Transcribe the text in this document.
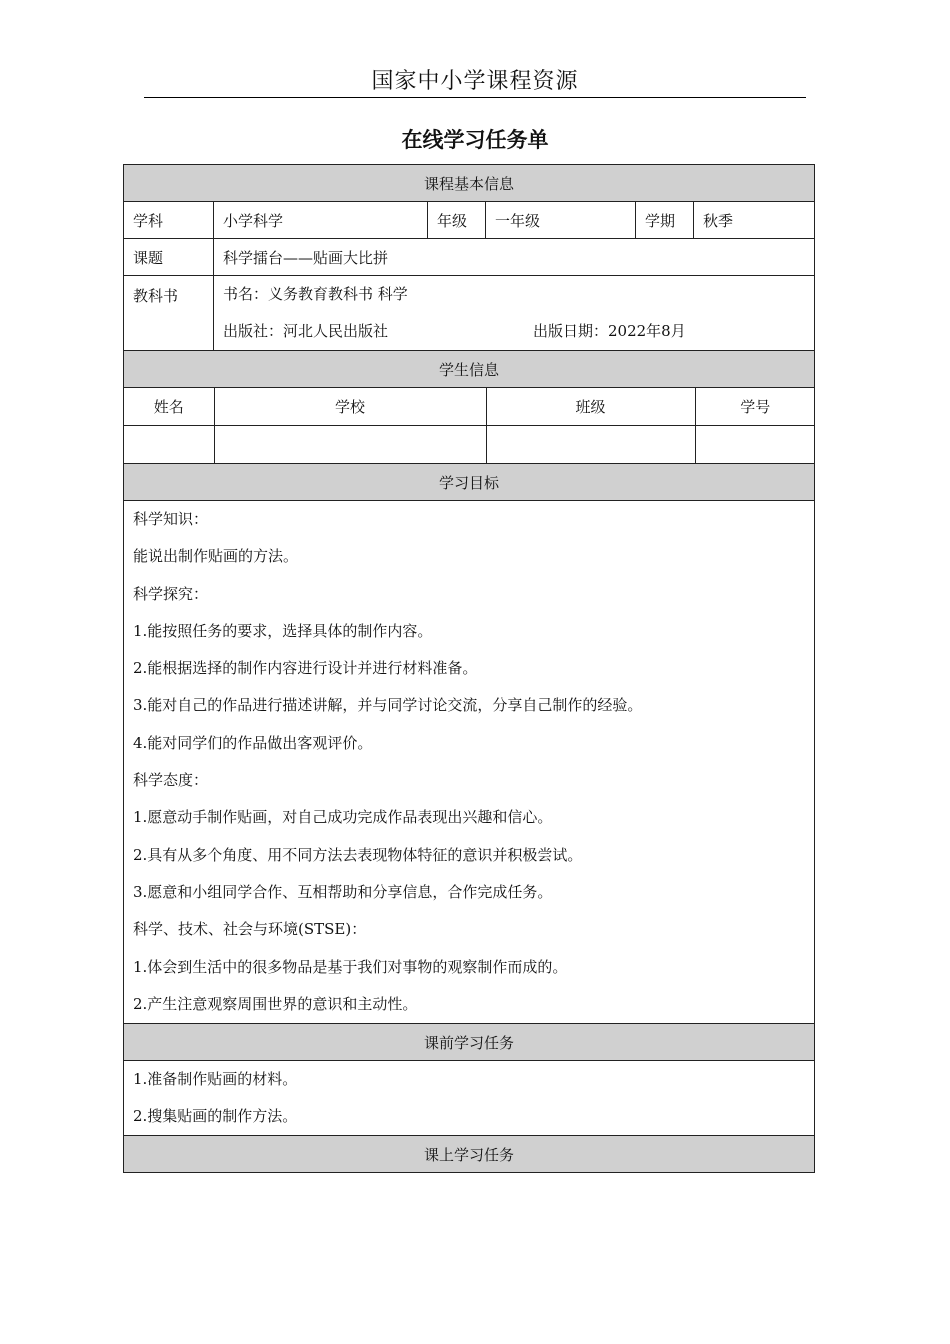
国家中小学课程资源
在线学习任务单
课程基本信息
学科	小学科学	年级	一年级	学期	秋季
课题	科学擂台——贴画大比拼
教科书	书名：义务教育教科书 科学
出版社：河北人民出版社	出版日期：2022年8月

学生信息

姓名	学校	班级	学号

学习目标

科学知识：
能说出制作贴画的方法。
科学探究：
1.能按照任务的要求，选择具体的制作内容。
2.能根据选择的制作内容进行设计并进行材料准备。
3.能对自己的作品进行描述讲解，并与同学讨论交流，分享自己制作的经验。
4.能对同学们的作品做出客观评价。
科学态度：
1.愿意动手制作贴画，对自己成功完成作品表现出兴趣和信心。
2.具有从多个角度、用不同方法去表现物体特征的意识并积极尝试。
3.愿意和小组同学合作、互相帮助和分享信息，合作完成任务。
科学、技术、社会与环境(STSE)：
1.体会到生活中的很多物品是基于我们对事物的观察制作而成的。
2.产生注意观察周围世界的意识和主动性。

课前学习任务

1.准备制作贴画的材料。
2.搜集贴画的制作方法。

课上学习任务
